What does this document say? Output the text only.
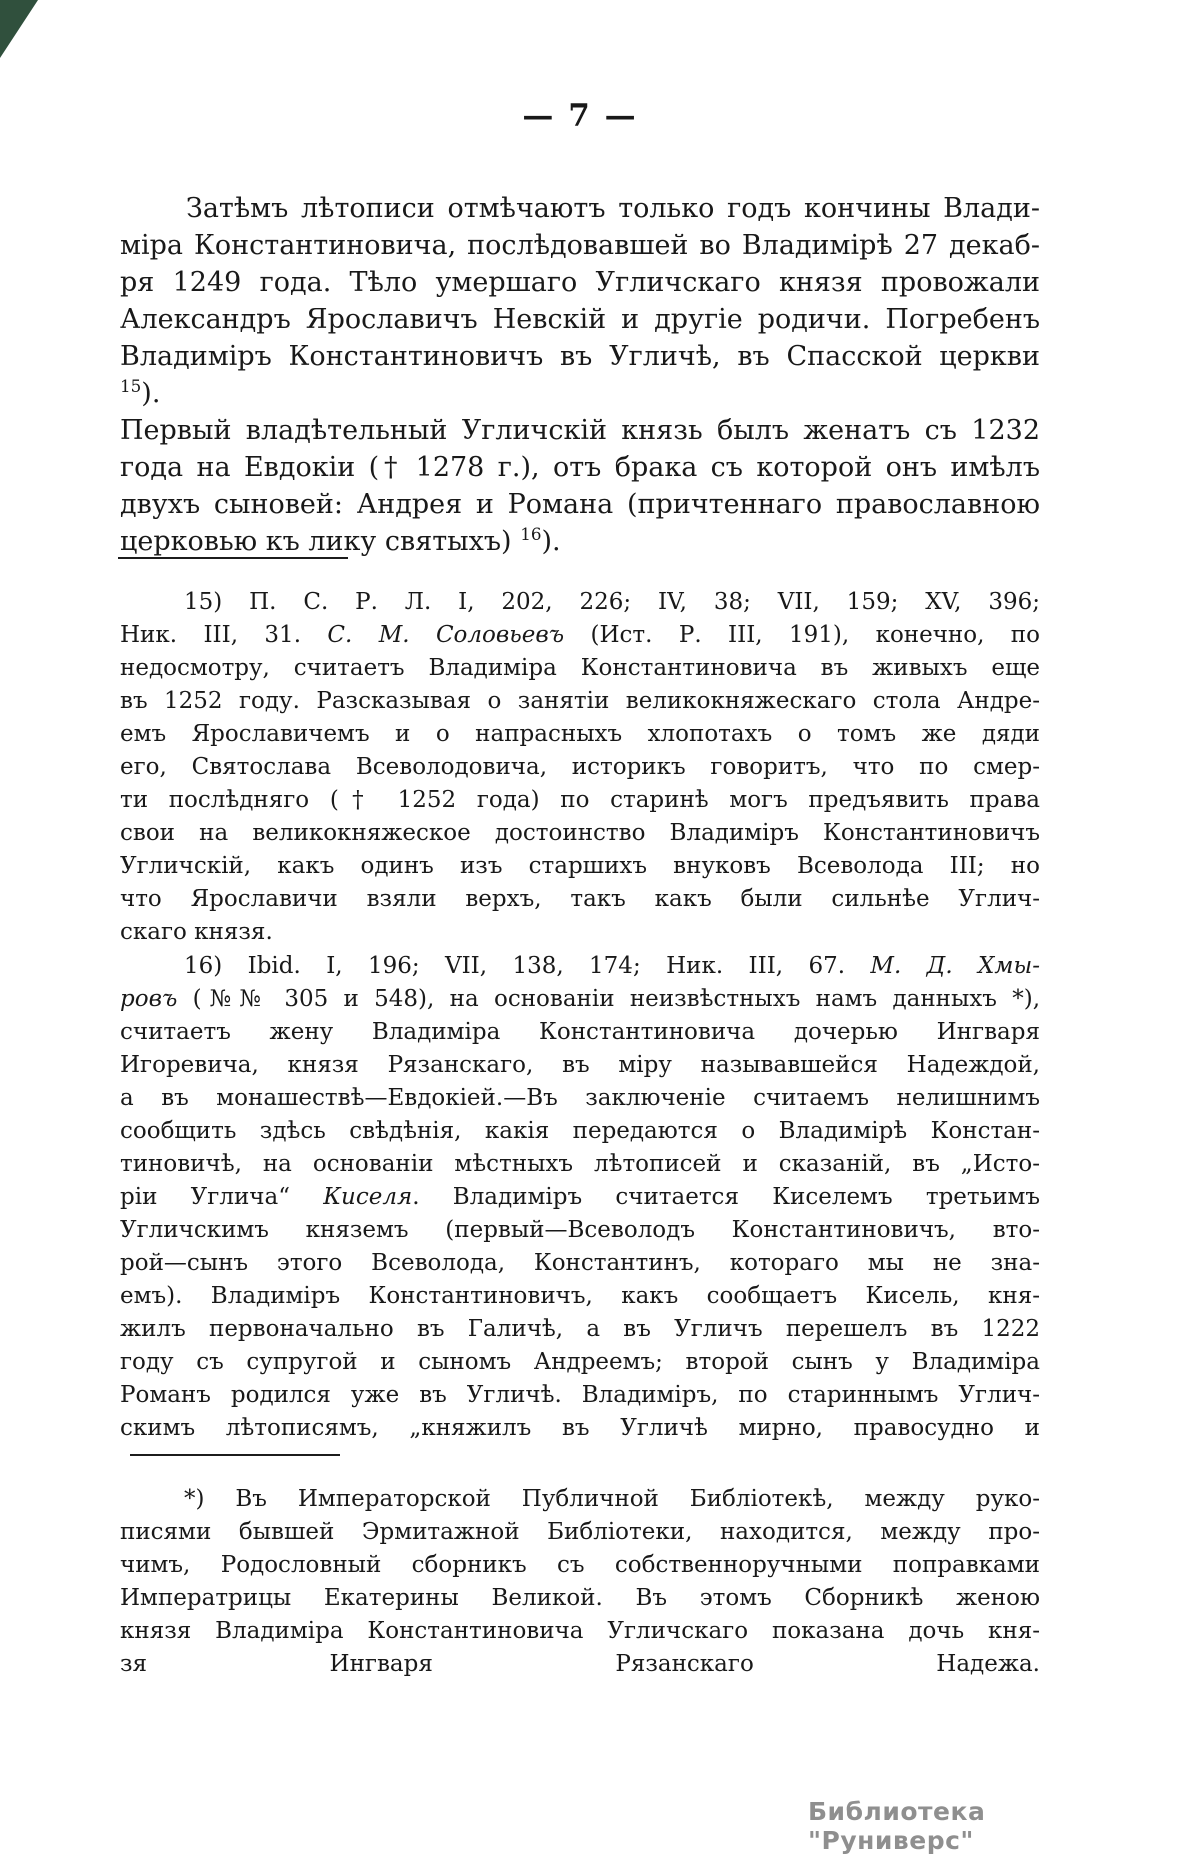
— 7 —
Затѣмъ лѣтописи отмѣчаютъ только годъ кончины Влади-
міра Константиновича, послѣдовавшей во Владимірѣ 27 декаб-
ря 1249 года. Тѣло умершаго Угличскаго князя провожали
Александръ Ярославичъ Невскій и другіе родичи. Погребенъ
Владиміръ Константиновичъ въ Угличѣ, въ Спасской церкви $^{15}$).
Первый владѣтельный Угличскій князь былъ женатъ съ 1232
года на Евдокіи († 1278 г.), отъ брака съ которой онъ имѣлъ
двухъ сыновей: Андрея и Романа (причтеннаго православною
церковью къ лику святыхъ) $^{16}$).
15) П. С. Р. Л. I, 202, 226; IV, 38; VII, 159; XV, 396;
Ник. III, 31. С. М. Соловьевъ (Ист. Р. III, 191), конечно, по
недосмотру, считаетъ Владиміра Константиновича въ живыхъ еще
въ 1252 году. Разсказывая о занятіи великокняжескаго стола Андре-
емъ Ярославичемъ и о напрасныхъ хлопотахъ о томъ же дяди
его, Святослава Всеволодовича, историкъ говоритъ, что по смер-
ти послѣдняго († 1252 года) по старинѣ могъ предъявить права
свои на великокняжеское достоинство Владиміръ Константиновичъ
Угличскій, какъ одинъ изъ старшихъ внуковъ Всеволода III; но
что Ярославичи взяли верхъ, такъ какъ были сильнѣе Углич-
скаго князя.
16) Ibid. I, 196; VII, 138, 174; Ник. III, 67. М. Д. Хмы-
ровъ (№№ 305 и 548), на основаніи неизвѣстныхъ намъ данныхъ *),
считаетъ жену Владиміра Константиновича дочерью Ингваря
Игоревича, князя Рязанскаго, въ міру называвшейся Надеждой,
а въ монашествѣ—Евдокіей.—Въ заключеніе считаемъ нелишнимъ
сообщить здѣсь свѣдѣнія, какія передаются о Владимірѣ Констан-
тиновичѣ, на основаніи мѣстныхъ лѣтописей и сказаній, въ „Исто-
ріи Углича“ Киселя. Владиміръ считается Киселемъ третьимъ
Угличскимъ княземъ (первый—Всеволодъ Константиновичъ, вто-
рой—сынъ этого Всеволода, Константинъ, котораго мы не зна-
емъ). Владиміръ Константиновичъ, какъ сообщаетъ Кисель, кня-
жилъ первоначально въ Галичѣ, а въ Угличъ перешелъ въ 1222
году съ супругой и сыномъ Андреемъ; второй сынъ у Владиміра
Романъ родился уже въ Угличѣ. Владиміръ, по стариннымъ Углич-
скимъ лѣтописямъ, „княжилъ въ Угличѣ мирно, правосудно и
*) Въ Императорской Публичной Библіотекѣ, между руко-
писями бывшей Эрмитажной Библіотеки, находится, между про-
чимъ, Родословный сборникъ съ собственноручными поправками
Императрицы Екатерины Великой. Въ этомъ Сборникѣ женою
князя Владиміра Константиновича Угличскаго показана дочь кня-
зя Ингваря Рязанскаго Надежа.
Библиотека "Руниверс"
